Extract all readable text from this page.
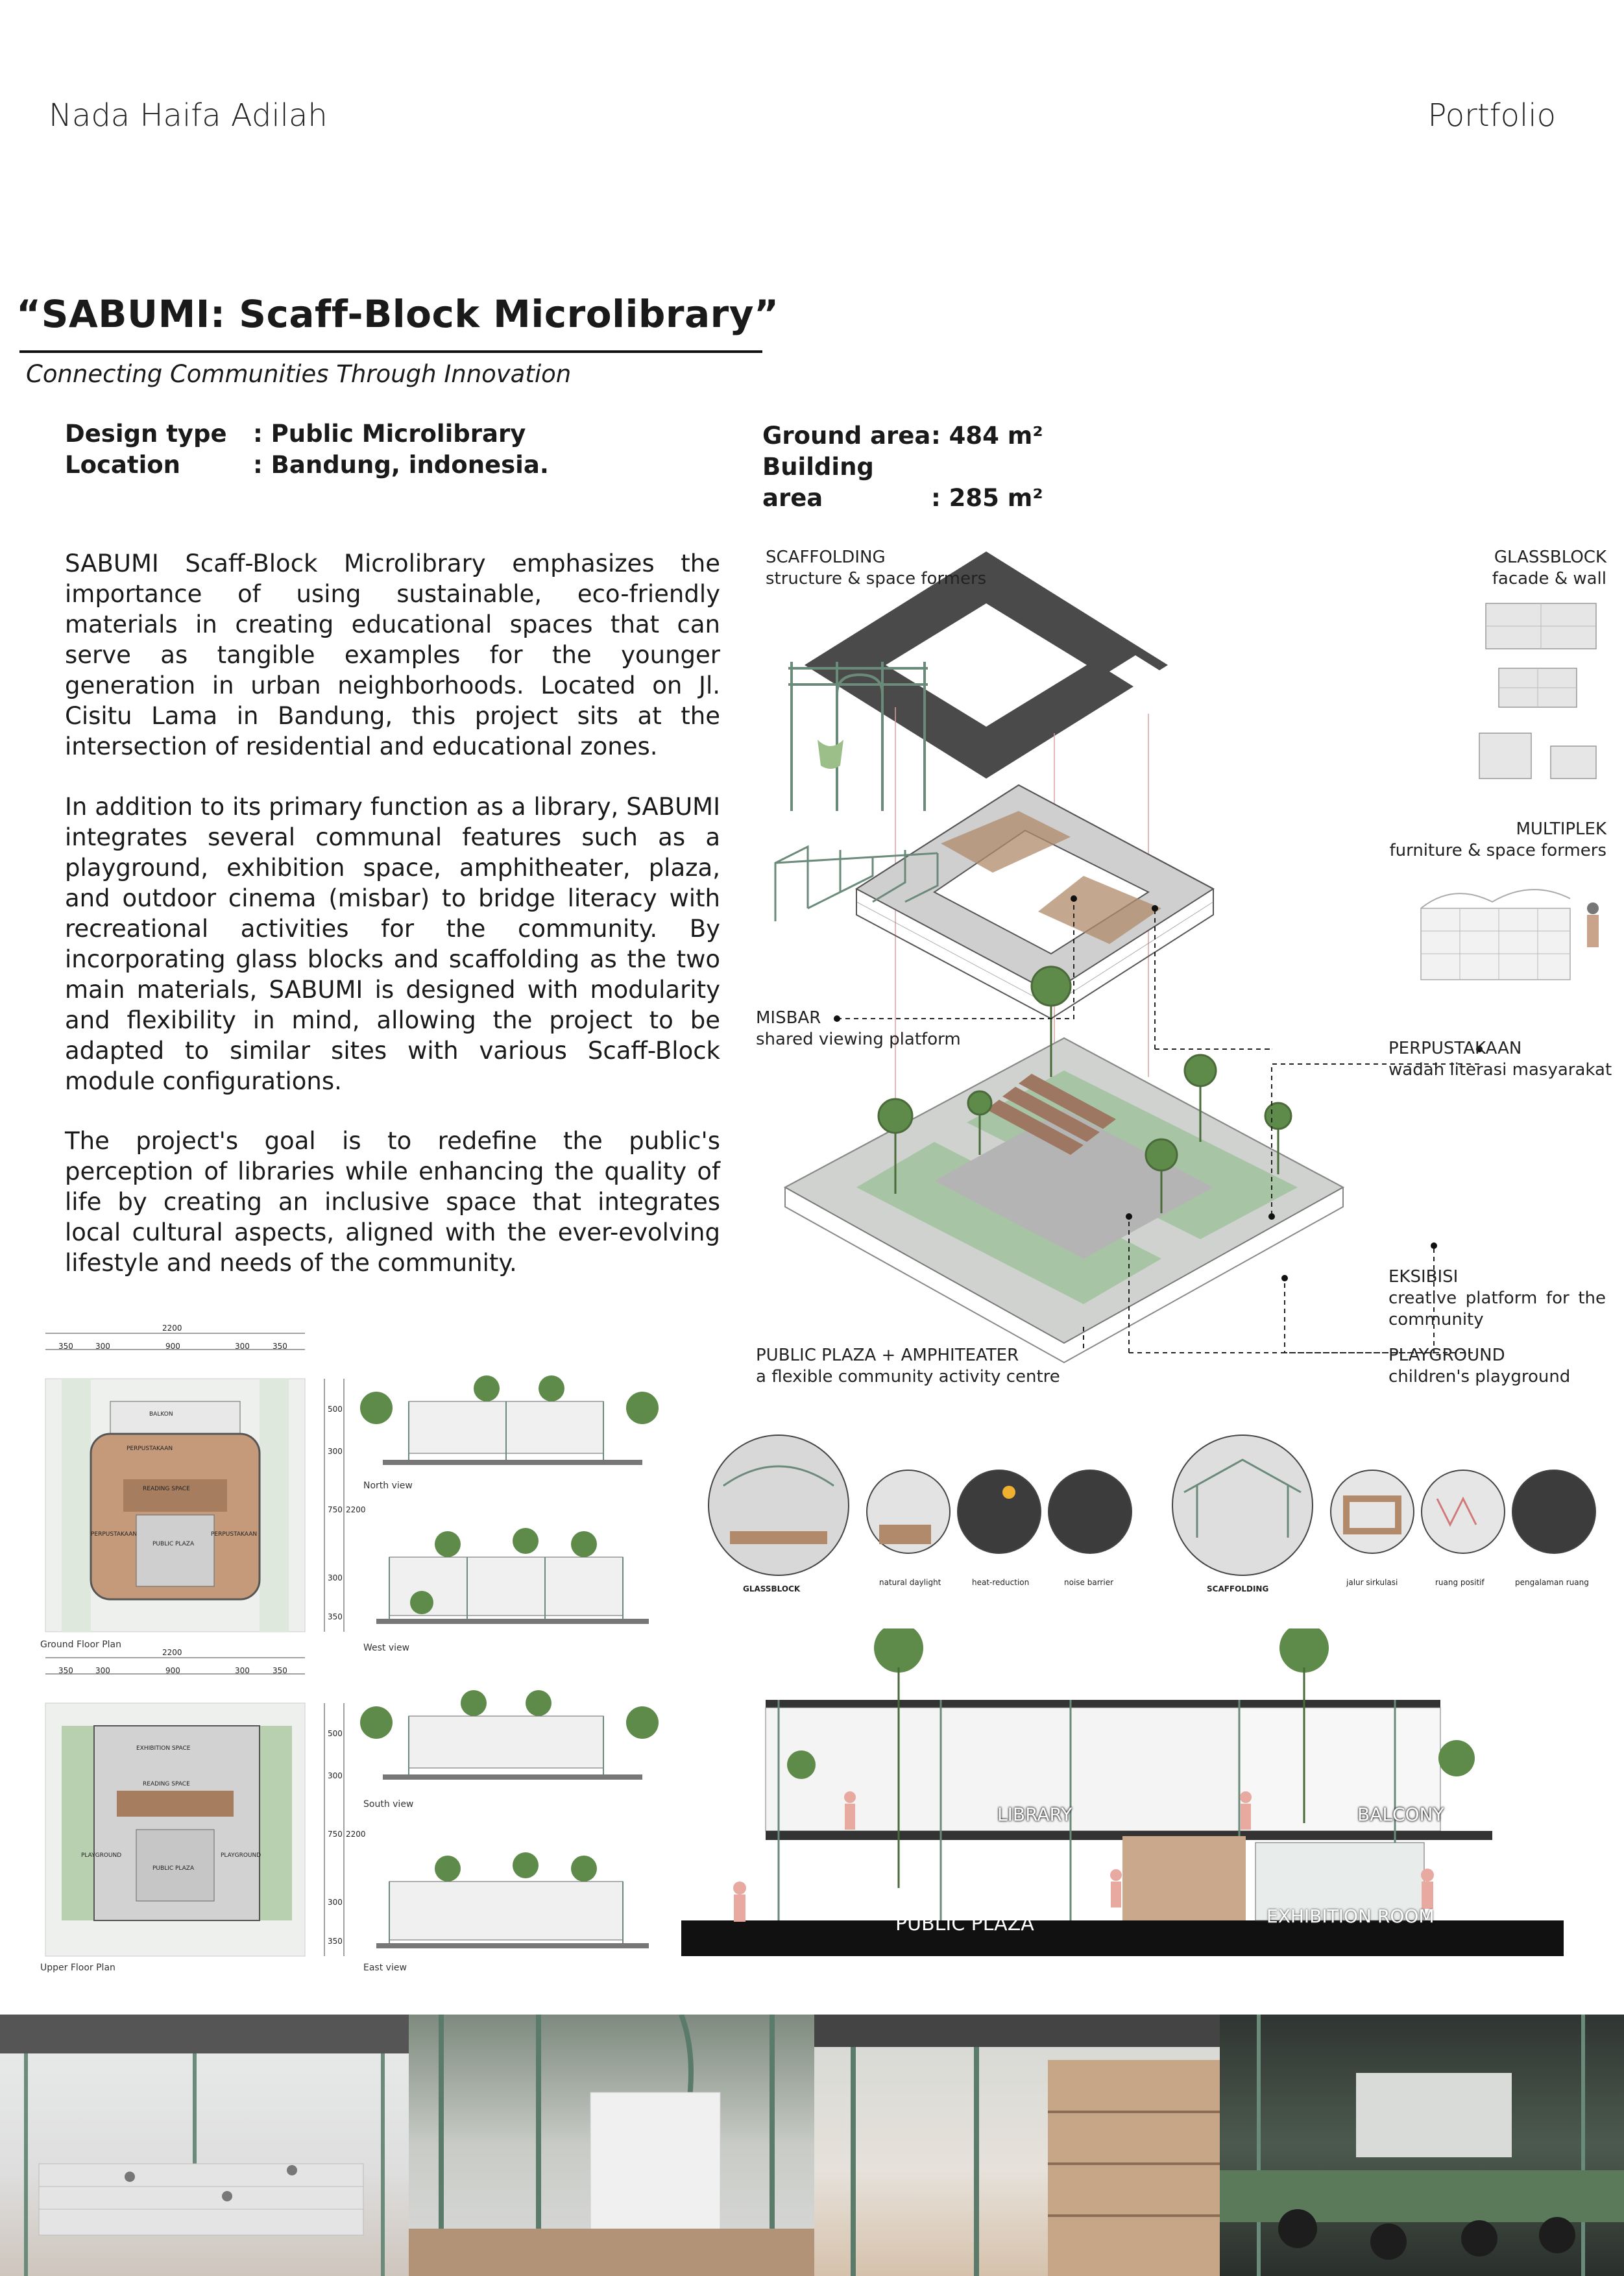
Nada Haifa Adilah	Portfolio
“SABUMI: Scaff-Block Microlibrary”
Connecting Communities Through Innovation
Design type : Public Microlibrary
Location	: Bandung, indonesia.
Ground area: 484 m²
Building area	: 285 m²
SABUMI Scaff-Block Microlibrary emphasizes the importance of using sustainable, eco-friendly materials in creating educational spaces that can serve as tangible examples for the younger generation in urban neighborhoods. Located on Jl. Cisitu Lama in Bandung, this project sits at the intersection of residential and educational zones.
In addition to its primary function as a library, SABUMI integrates several communal features such as a playground, exhibition space, amphitheater, plaza, and outdoor cinema (misbar) to bridge literacy with recreational activities for the community. By incorporating glass blocks and scaffolding as the two main materials, SABUMI is designed with modularity and flexibility in mind, allowing the project to be adapted to similar sites with various Scaff-Block module configurations.
The project's goal is to redefine the public's perception of libraries while enhancing the quality of life by creating an inclusive space that integrates local cultural aspects, aligned with the ever-evolving lifestyle and needs of the community.
SCAFFOLDING
structure & space formers
GLASSBLOCK
facade & wall
MULTIPLEK
furniture & space formers
MISBAR
shared viewing platform	PERPUSTAKAAN
wadah literasi masyarakat
EKSIBISI
creative platform for the community
PUBLIC PLAZA + AMPHITEATER
a flexible community activity centre
PLAYGROUND
children's playground
GLASSBLOCK
natural daylight	heat-reduction	noise barrier
SCAFFOLDING
jalur sirkulasi	ruang positif	pengalaman ruang
2200
350	300	900	300	350
500
300
750 2200
300
350
BALKON
PERPUSTAKAAN
READING SPACE
PERPUSTAKAAN
PUBLIC PLAZA
PERPUSTAKAAN
Ground Floor Plan
2200
350	300	900	300	350
500
300
750 2200
300
350
EXHIBITION SPACE
READING SPACE
PLAYGROUND
PUBLIC PLAZA
PLAYGROUND
Upper Floor Plan
North view
West view
South view
East view
LIBRARY	BALCONY
PUBLIC PLAZA	EXHIBITION ROOM
